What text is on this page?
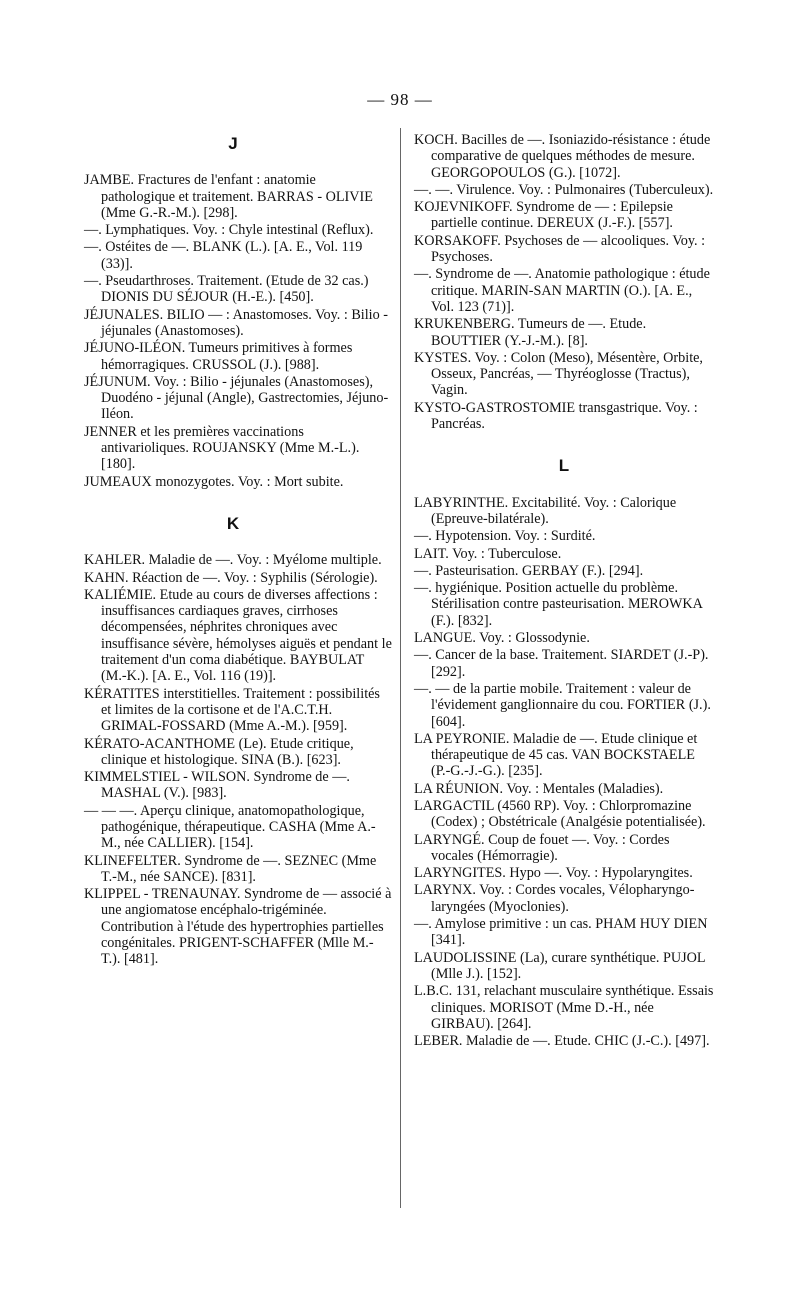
— 98 —
J
JAMBE. Fractures de l'enfant : anatomie pathologique et traitement. BARRAS - OLIVIE (Mme G.-R.-M.). [298].
—. Lymphatiques. Voy. : Chyle intestinal (Reflux).
—. Ostéites de —. BLANK (L.). [A. E., Vol. 119 (33)].
—. Pseudarthroses. Traitement. (Etude de 32 cas.) DIONIS DU SÉJOUR (H.-E.). [450].
JÉJUNALES. BILIO — : Anastomoses. Voy. : Bilio - jéjunales (Anastomoses).
JÉJUNO-ILÉON. Tumeurs primitives à formes hémorragiques. CRUSSOL (J.). [988].
JÉJUNUM. Voy. : Bilio - jéjunales (Anastomoses), Duodéno - jéjunal (Angle), Gastrectomies, Jéjuno-Iléon.
JENNER et les premières vaccinations antivarioliques. ROUJANSKY (Mme M.-L.). [180].
JUMEAUX monozygotes. Voy. : Mort subite.
K
KAHLER. Maladie de —. Voy. : Myélome multiple.
KAHN. Réaction de —. Voy. : Syphilis (Sérologie).
KALIÉMIE. Etude au cours de diverses affections : insuffisances cardiaques graves, cirrhoses décompensées, néphrites chroniques avec insuffisance sévère, hémolyses aiguës et pendant le traitement d'un coma diabétique. BAYBULAT (M.-K.). [A. E., Vol. 116 (19)].
KÉRATITES interstitielles. Traitement : possibilités et limites de la cortisone et de l'A.C.T.H. GRIMAL-FOSSARD (Mme A.-M.). [959].
KÉRATO-ACANTHOME (Le). Etude critique, clinique et histologique. SINA (B.). [623].
KIMMELSTIEL - WILSON. Syndrome de —. MASHAL (V.). [983].
— — —. Aperçu clinique, anatomopathologique, pathogénique, thérapeutique. CASHA (Mme A.-M., née CALLIER). [154].
KLINEFELTER. Syndrome de —. SEZNEC (Mme T.-M., née SANCE). [831].
KLIPPEL - TRENAUNAY. Syndrome de — associé à une angiomatose encéphalo-trigéminée. Contribution à l'étude des hypertrophies partielles congénitales. PRIGENT-SCHAFFER (Mlle M.-T.). [481].
KOCH. Bacilles de —. Isoniazido-résistance : étude comparative de quelques méthodes de mesure. GEORGOPOULOS (G.). [1072].
—. —. Virulence. Voy. : Pulmonaires (Tuberculeux).
KOJEVNIKOFF. Syndrome de — : Epilepsie partielle continue. DEREUX (J.-F.). [557].
KORSAKOFF. Psychoses de — alcooliques. Voy. : Psychoses.
—. Syndrome de —. Anatomie pathologique : étude critique. MARIN-SAN MARTIN (O.). [A. E., Vol. 123 (71)].
KRUKENBERG. Tumeurs de —. Etude. BOUTTIER (Y.-J.-M.). [8].
KYSTES. Voy. : Colon (Meso), Mésentère, Orbite, Osseux, Pancréas, — Thyréoglosse (Tractus), Vagin.
KYSTO-GASTROSTOMIE transgastrique. Voy. : Pancréas.
L
LABYRINTHE. Excitabilité. Voy. : Calorique (Epreuve-bilatérale).
—. Hypotension. Voy. : Surdité.
LAIT. Voy. : Tuberculose.
—. Pasteurisation. GERBAY (F.). [294].
—. hygiénique. Position actuelle du problème. Stérilisation contre pasteurisation. MEROWKA (F.). [832].
LANGUE. Voy. : Glossodynie.
—. Cancer de la base. Traitement. SIARDET (J.-P). [292].
—. — de la partie mobile. Traitement : valeur de l'évidement ganglionnaire du cou. FORTIER (J.). [604].
LA PEYRONIE. Maladie de —. Etude clinique et thérapeutique de 45 cas. VAN BOCKSTAELE (P.-G.-J.-G.). [235].
LA RÉUNION. Voy. : Mentales (Maladies).
LARGACTIL (4560 RP). Voy. : Chlorpromazine (Codex) ; Obstétricale (Analgésie potentialisée).
LARYNGÉ. Coup de fouet —. Voy. : Cordes vocales (Hémorragie).
LARYNGITES. Hypo —. Voy. : Hypolaryngites.
LARYNX. Voy. : Cordes vocales, Vélopharyngo-laryngées (Myoclonies).
—. Amylose primitive : un cas. PHAM HUY DIEN [341].
LAUDOLISSINE (La), curare synthétique. PUJOL (Mlle J.). [152].
L.B.C. 131, relachant musculaire synthétique. Essais cliniques. MORISOT (Mme D.-H., née GIRBAU). [264].
LEBER. Maladie de —. Etude. CHIC (J.-C.). [497].
